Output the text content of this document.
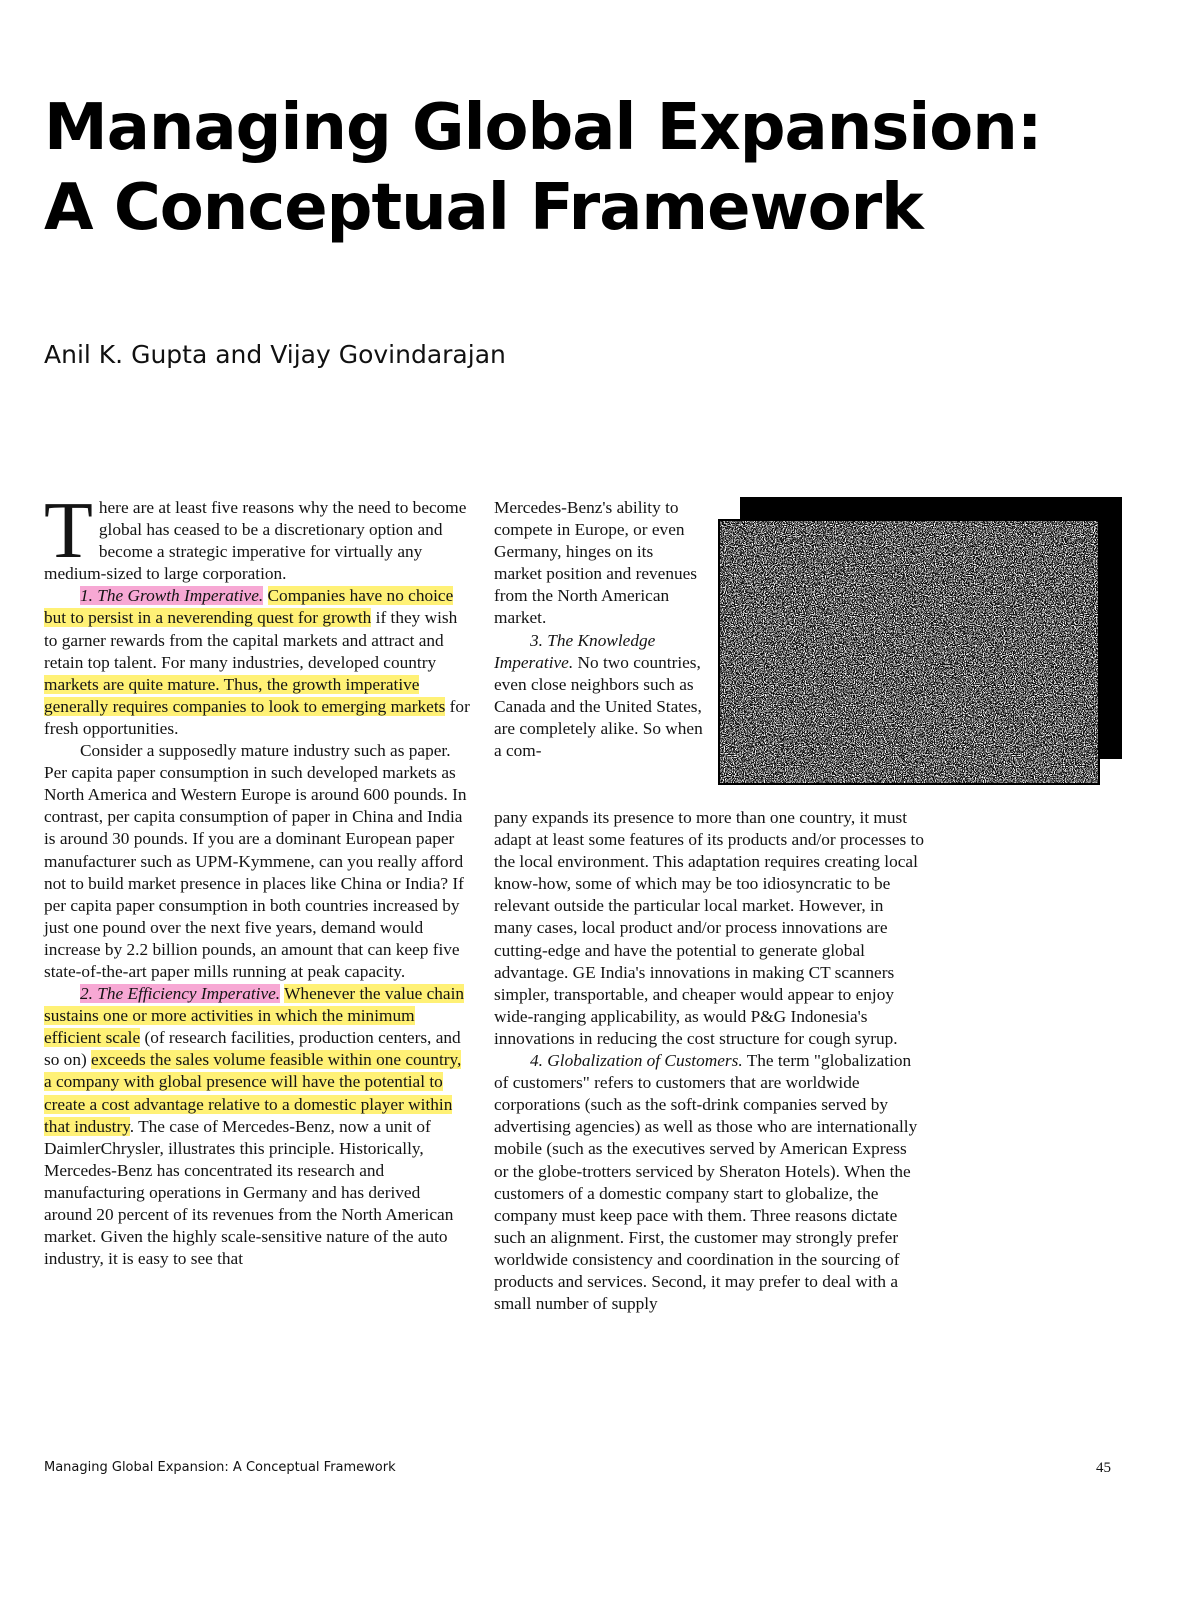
Managing Global Expansion:
A Conceptual Framework
Anil K. Gupta and Vijay Govindarajan

There are at least five reasons why the need to become global has ceased to be a discretionary option and become a strategic imperative for virtually any medium-sized to large corporation.

1. The Growth Imperative. Companies have no choice but to persist in a neverending quest for growth if they wish to garner rewards from the capital markets and attract and retain top talent. For many industries, developed country markets are quite mature. Thus, the growth imperative generally requires companies to look to emerging markets for fresh opportunities.

Consider a supposedly mature industry such as paper. Per capita paper consumption in such developed markets as North America and Western Europe is around 600 pounds. In contrast, per capita consumption of paper in China and India is around 30 pounds. If you are a dominant European paper manufacturer such as UPM-Kymmene, can you really afford not to build market presence in places like China or India? If per capita paper consumption in both countries increased by just one pound over the next five years, demand would increase by 2.2 billion pounds, an amount that can keep five state-of-the-art paper mills running at peak capacity.

2. The Efficiency Imperative. Whenever the value chain sustains one or more activities in which the minimum efficient scale (of research facilities, production centers, and so on) exceeds the sales volume feasible within one country, a company with global presence will have the potential to create a cost advantage relative to a domestic player within that industry. The case of Mercedes-Benz, now a unit of DaimlerChrysler, illustrates this principle. Historically, Mercedes-Benz has concentrated its research and manufacturing operations in Germany and has derived around 20 percent of its revenues from the North American market. Given the highly scale-sensitive nature of the auto industry, it is easy to see that

Mercedes-Benz's ability to compete in Europe, or even Germany, hinges on its market position and revenues from the North American market.

3. The Knowledge Imperative. No two countries, even close neighbors such as Canada and the United States, are completely alike. So when a com-

pany expands its presence to more than one country, it must adapt at least some features of its products and/or processes to the local environment. This adaptation requires creating local know-how, some of which may be too idiosyncratic to be relevant outside the particular local market. However, in many cases, local product and/or process innovations are cutting-edge and have the potential to generate global advantage. GE India's innovations in making CT scanners simpler, transportable, and cheaper would appear to enjoy wide-ranging applicability, as would P&G Indonesia's innovations in reducing the cost structure for cough syrup.

4. Globalization of Customers. The term "globalization of customers" refers to customers that are worldwide corporations (such as the soft-drink companies served by advertising agencies) as well as those who are internationally mobile (such as the executives served by American Express or the globe-trotters serviced by Sheraton Hotels). When the customers of a domestic company start to globalize, the company must keep pace with them. Three reasons dictate such an alignment. First, the customer may strongly prefer worldwide consistency and coordination in the sourcing of products and services. Second, it may prefer to deal with a small number of supply

Managing Global Expansion: A Conceptual Framework	45
